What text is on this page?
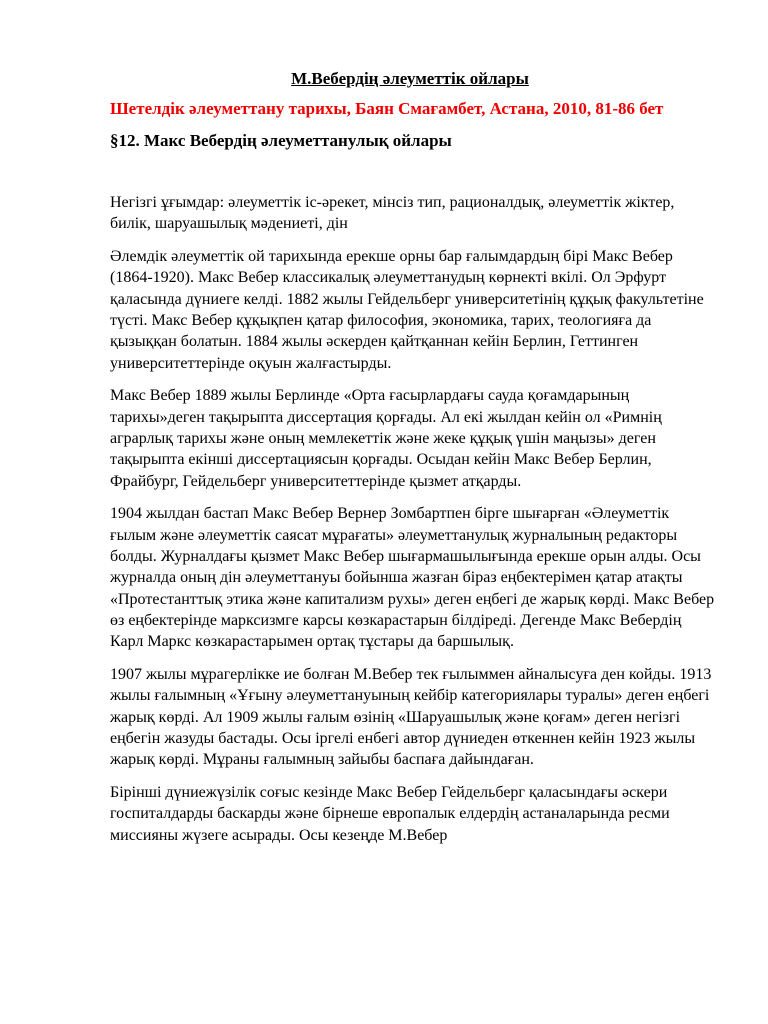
М.Вебердің әлеуметтік ойлары
Шетелдік әлеуметтану тарихы, Баян Смағамбет, Астана, 2010, 81-86 бет
§12. Макс Вебердің әлеуметтанулық ойлары

Негізгі ұғымдар: әлеуметтік іс-әрекет, мінсіз тип, рационалдық, әлеуметтік жіктер, билік, шаруашылық мәдениеті, дін

Әлемдік әлеуметтік ой тарихында ерекше орны бар ғалымдардың бірі Макс Вебер (1864-1920). Макс Вебер классикалық әлеуметтанудың көрнекті вкілі. Ол Эрфурт қаласында дүниеге келді. 1882 жылы Гейдельберг университетінің құқық факультетіне түсті. Макс Вебер құқықпен қатар философия, экономика, тарих, теологияға да қызыққан болатын. 1884 жылы әскерден қайтқаннан кейін Берлин, Геттинген университеттерінде оқуын жалғастырды.

Макс Вебер 1889 жылы Берлинде «Орта ғасырлардағы сауда қоғамдарының тарихы»деген тақырыпта диссертация қорғады. Ал екі жылдан кейін ол «Римнің аграрлық тарихы және оның мемлекеттік және жеке құқық үшін маңызы» деген тақырыпта екінші диссертациясын қорғады. Осыдан кейін Макс Вебер Берлин, Фрайбург, Гейдельберг университеттерінде қызмет атқарды.

1904 жылдан бастап Макс Вебер Вернер Зомбартпен бірге шығарған «Әлеуметтік ғылым және әлеуметтік саясат мұрағаты» әлеуметтанулық журналының редакторы болды. Журналдағы қызмет Макс Вебер шығармашылығында ерекше орын алды. Осы журналда оның дін әлеуметтануы бойынша жазған біраз еңбектерімен қатар атақты «Протестанттық этика және капитализм рухы» деген еңбегі де жарық көрді. Макс Вебер өз еңбектерінде марксизмге карсы көзкарастарын білдіреді. Дегенде Макс Вебердің Карл Маркс көзкарастарымен ортақ тұстары да баршылық.

1907 жылы мұрагерлікке ие болған М.Вебер тек ғылыммен айналысуға ден койды. 1913 жылы ғалымның «Ұғыну әлеуметтануының кейбір категориялары туралы» деген еңбегі жарық көрді. Ал 1909 жылы ғалым өзінің «Шаруашылық және қоғам» деген негізгі еңбегін жазуды бастады. Осы іргелі енбегі автор дүниеден өткеннен кейін 1923 жылы жарық көрді. Мұраны ғалымның зайыбы баспаға дайындаған.

Бірінші дүниежүзілік соғыс кезінде Макс Вебер Гейдельберг қаласындағы әскери госпиталдарды баскарды және бірнеше европалык елдердің астаналарында ресми миссияны жүзеге асырады. Осы кезеңде М.Вебер
